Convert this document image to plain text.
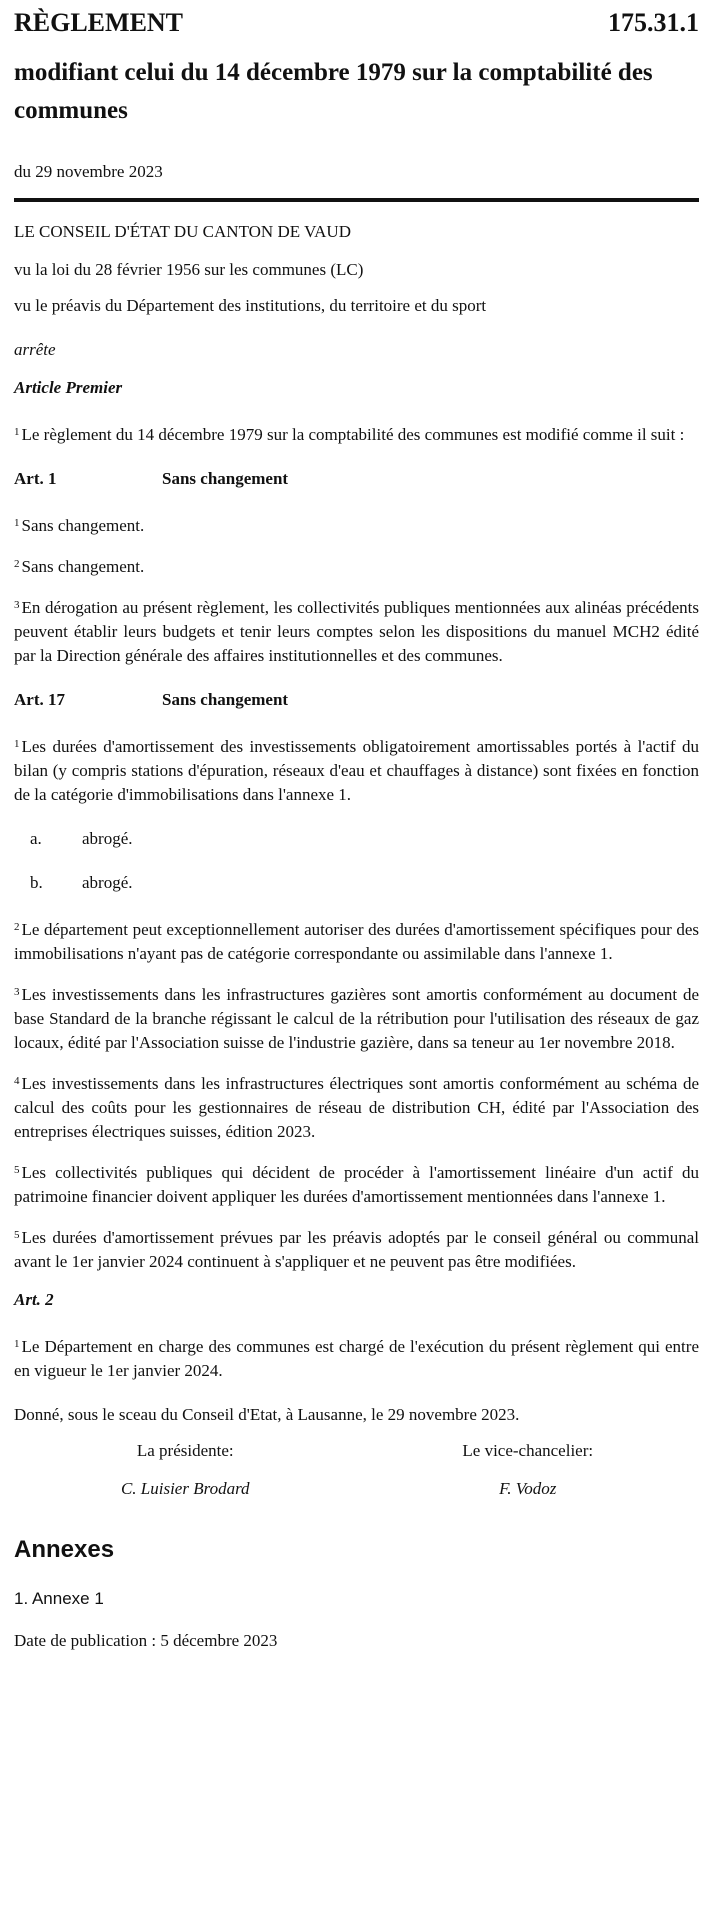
RÈGLEMENT	175.31.1
modifiant celui du 14 décembre 1979 sur la comptabilité des communes
du 29 novembre 2023
LE CONSEIL D'ÉTAT DU CANTON DE VAUD

vu la loi du 28 février 1956 sur les communes (LC)

vu le préavis du Département des institutions, du territoire et du sport

arrête

Article Premier

$^1$ Le règlement du 14 décembre 1979 sur la comptabilité des communes est modifié comme il suit :

Art. 1	Sans changement

$^1$ Sans changement.

$^2$ Sans changement.

$^3$ En dérogation au présent règlement, les collectivités publiques mentionnées aux alinéas précédents peuvent établir leurs budgets et tenir leurs comptes selon les dispositions du manuel MCH2 édité par la Direction générale des affaires institutionnelles et des communes.

Art. 17	Sans changement

$^1$ Les durées d'amortissement des investissements obligatoirement amortissables portés à l'actif du bilan (y compris stations d'épuration, réseaux d'eau et chauffages à distance) sont fixées en fonction de la catégorie d'immobilisations dans l'annexe 1.

a.	abrogé.
b.	abrogé.

$^2$ Le département peut exceptionnellement autoriser des durées d'amortissement spécifiques pour des immobilisations n'ayant pas de catégorie correspondante ou assimilable dans l'annexe 1.

$^3$ Les investissements dans les infrastructures gazières sont amortis conformément au document de base Standard de la branche régissant le calcul de la rétribution pour l'utilisation des réseaux de gaz locaux, édité par l'Association suisse de l'industrie gazière, dans sa teneur au 1er novembre 2018.

$^4$ Les investissements dans les infrastructures électriques sont amortis conformément au schéma de calcul des coûts pour les gestionnaires de réseau de distribution CH, édité par l'Association des entreprises électriques suisses, édition 2023.

$^5$ Les collectivités publiques qui décident de procéder à l'amortissement linéaire d'un actif du patrimoine financier doivent appliquer les durées d'amortissement mentionnées dans l'annexe 1.

$^5$ Les durées d'amortissement prévues par les préavis adoptés par le conseil général ou communal avant le 1er janvier 2024 continuent à s'appliquer et ne peuvent pas être modifiées.

Art. 2

$^1$ Le Département en charge des communes est chargé de l'exécution du présent règlement qui entre en vigueur le 1er janvier 2024.

Donné, sous le sceau du Conseil d'Etat, à Lausanne, le 29 novembre 2023.

La présidente:	Le vice-chancelier:
C. Luisier Brodard	F. Vodoz
Annexes
1. Annexe 1

Date de publication : 5 décembre 2023
